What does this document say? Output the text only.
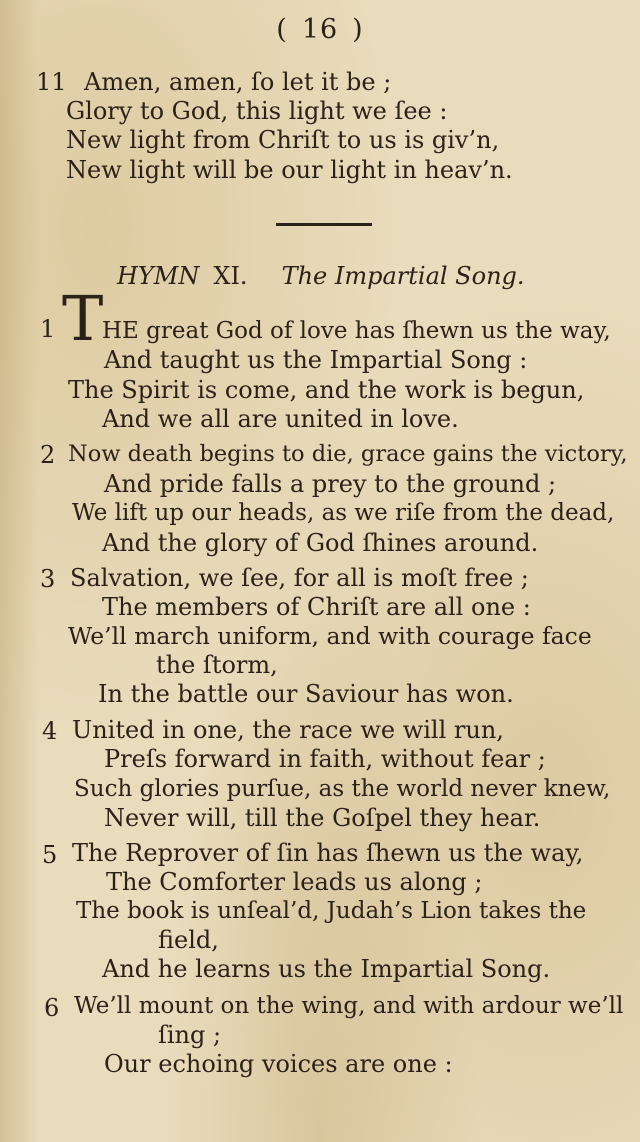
( 16 )
11 Amen, amen, ſo let it be ;
Glory to God, this light we ſee :
New light from Chriſt to us is giv’n,
New light will be our light in heav’n.
HYMN XI. The Impartial Song.
1 T
HE great God of love has ſhewn us the way,
And taught us the Impartial Song :
The Spirit is come, and the work is begun,
And we all are united in love.
2 Now death begins to die, grace gains the victory,
And pride falls a prey to the ground ;
We lift up our heads, as we riſe from the dead,
And the glory of God ſhines around.
3 Salvation, we ſee, for all is moſt free ;
The members of Chriſt are all one :
We’ll march uniform, and with courage face
the ſtorm,
In the battle our Saviour has won.
4 United in one, the race we will run,
Preſs forward in faith, without fear ;
Such glories purſue, as the world never knew,
Never will, till the Goſpel they hear.
5 The Reprover of ſin has ſhewn us the way,
The Comforter leads us along ;
The book is unſeal’d, Judah’s Lion takes the
field,
And he learns us the Impartial Song.
6 We’ll mount on the wing, and with ardour we’ll
ſing ;
Our echoing voices are one :
